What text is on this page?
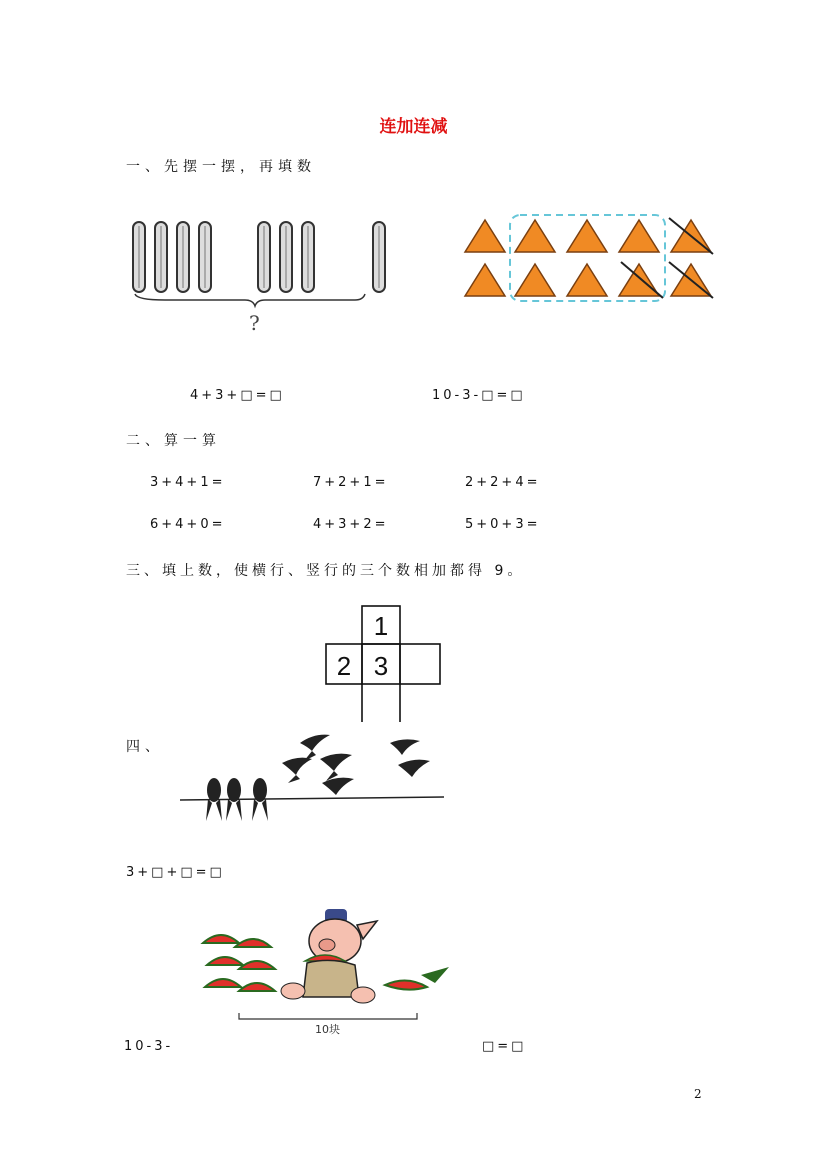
连加连减
一、先摆一摆，再填数
?
4+3+□=□	10-3-□=□
二、算一算
3+4+1=	7+2+1=	2+2+4=
6+4+0=	4+3+2=	5+0+3=
三、填上数，使横行、竖行的三个数相加都得 9。
1
2 3
四、
3+□+□=□
10块
10-3-	□=□
2
